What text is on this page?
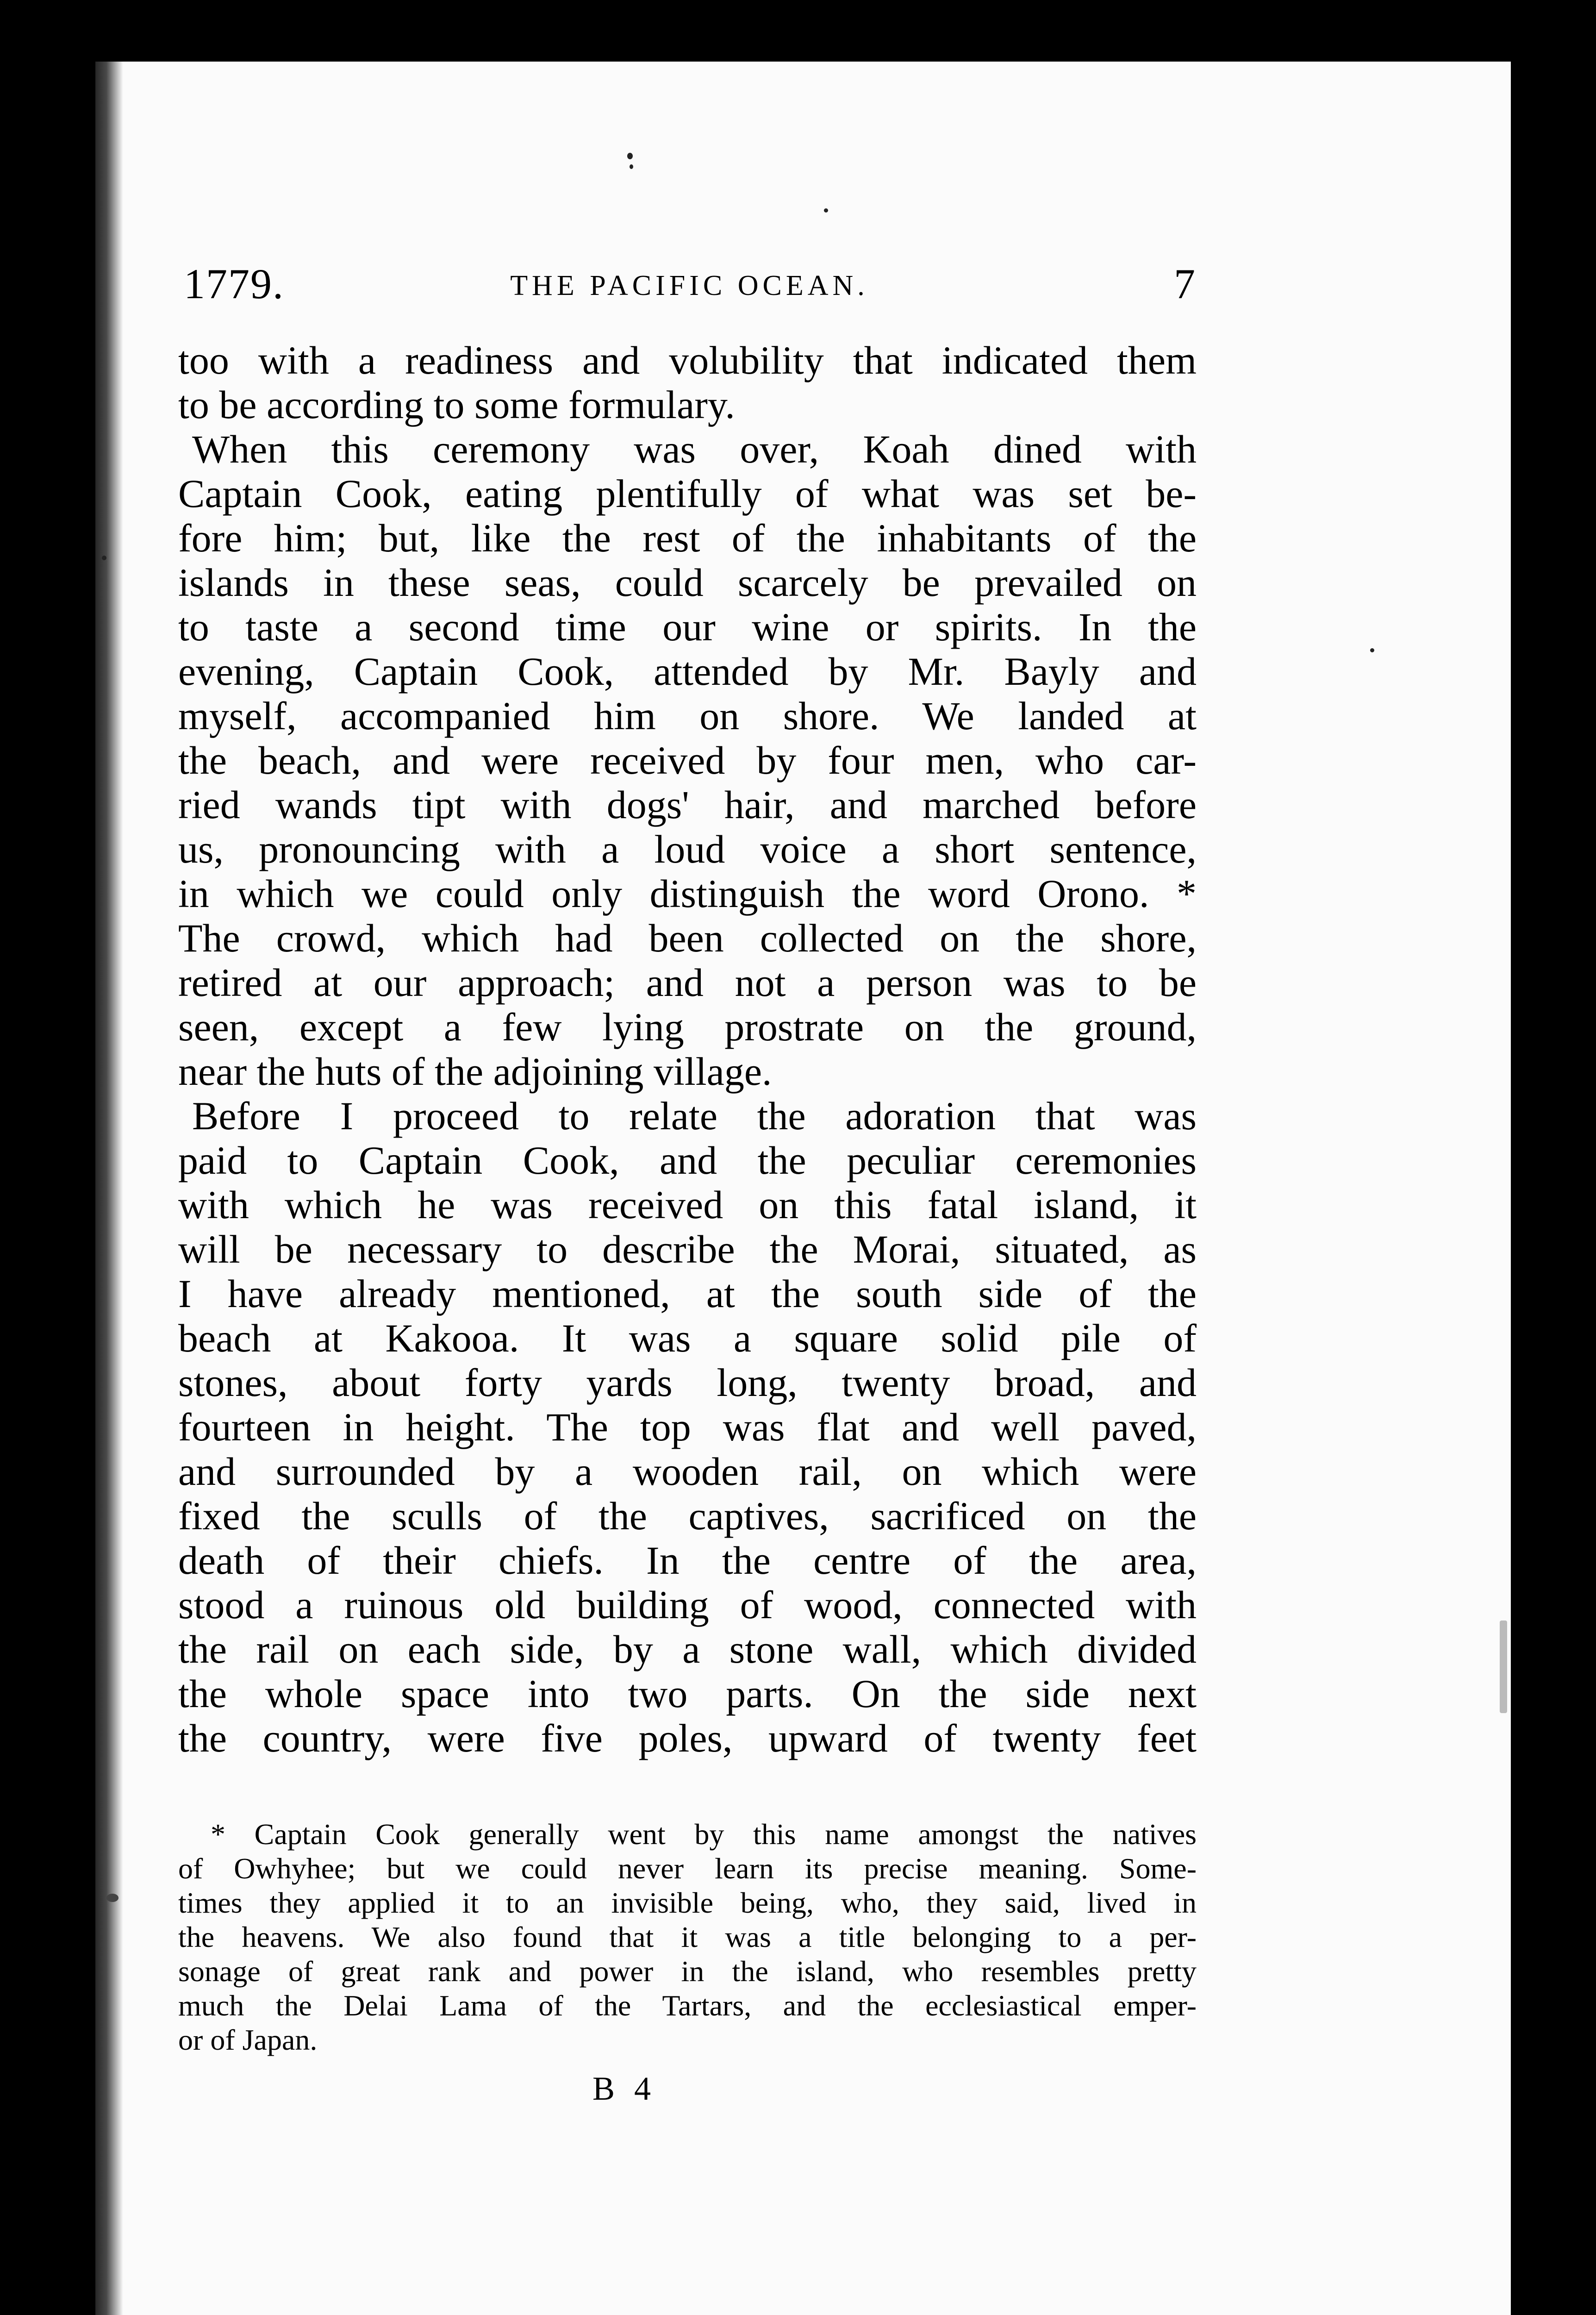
1779.	THE PACIFIC OCEAN.	7
too with a readiness and volubility that indicated them
to be according to some formulary.
When this ceremony was over, Koah dined with
Captain Cook, eating plentifully of what was set be-
fore him; but, like the rest of the inhabitants of the
islands in these seas, could scarcely be prevailed on
to taste a second time our wine or spirits. In the
evening, Captain Cook, attended by Mr. Bayly and
myself, accompanied him on shore. We landed at
the beach, and were received by four men, who car-
ried wands tipt with dogs' hair, and marched before
us, pronouncing with a loud voice a short sentence,
in which we could only distinguish the word Orono. *
The crowd, which had been collected on the shore,
retired at our approach; and not a person was to be
seen, except a few lying prostrate on the ground,
near the huts of the adjoining village.
Before I proceed to relate the adoration that was
paid to Captain Cook, and the peculiar ceremonies
with which he was received on this fatal island, it
will be necessary to describe the Morai, situated, as
I have already mentioned, at the south side of the
beach at Kakooa. It was a square solid pile of
stones, about forty yards long, twenty broad, and
fourteen in height. The top was flat and well paved,
and surrounded by a wooden rail, on which were
fixed the sculls of the captives, sacrificed on the
death of their chiefs. In the centre of the area,
stood a ruinous old building of wood, connected with
the rail on each side, by a stone wall, which divided
the whole space into two parts. On the side next
the country, were five poles, upward of twenty feet
* Captain Cook generally went by this name amongst the natives
of Owhyhee; but we could never learn its precise meaning. Some-
times they applied it to an invisible being, who, they said, lived in
the heavens. We also found that it was a title belonging to a per-
sonage of great rank and power in the island, who resembles pretty
much the Delai Lama of the Tartars, and the ecclesiastical emper-
or of Japan.
B 4
